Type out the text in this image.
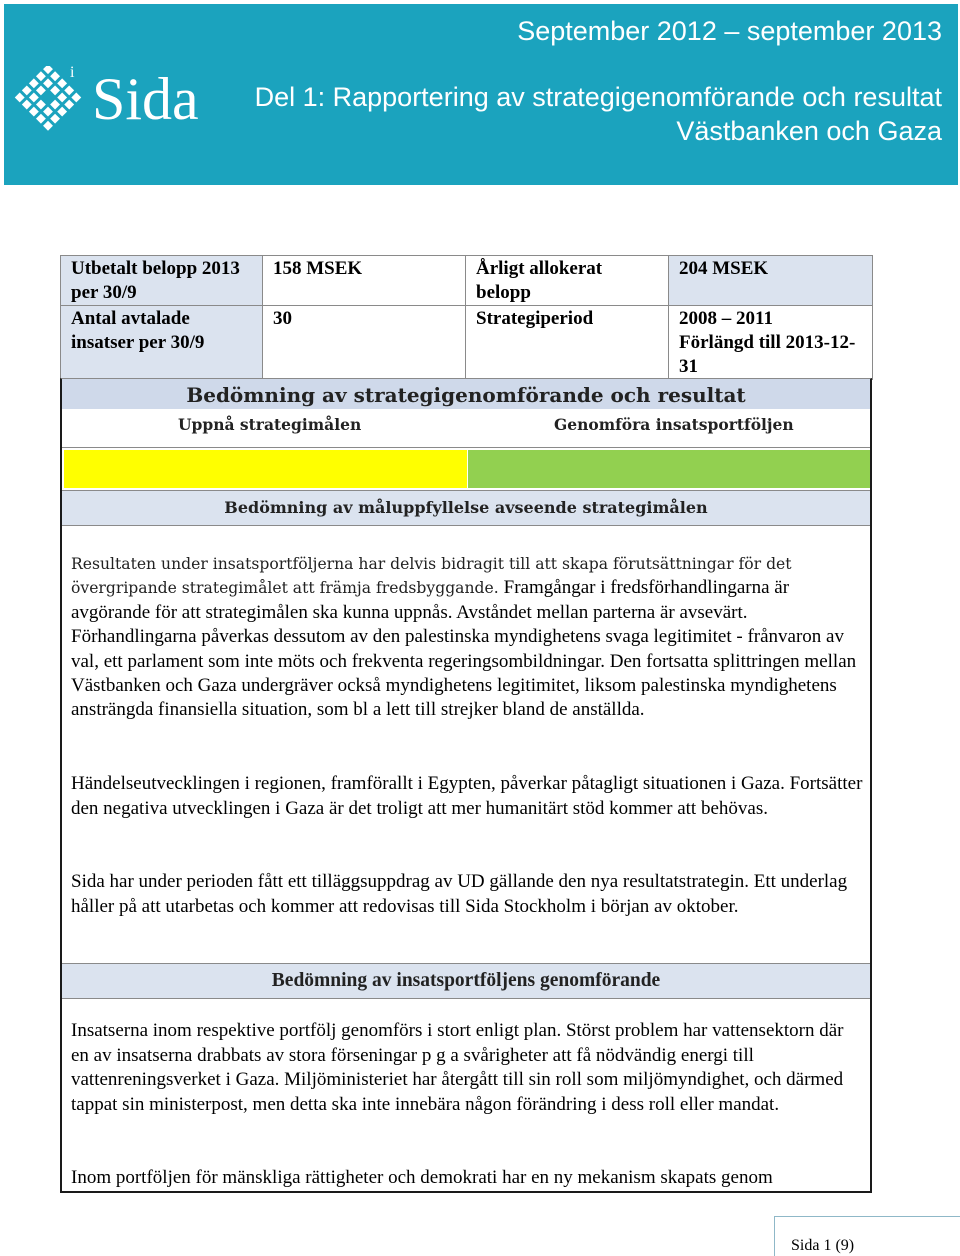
September 2012 – september 2013
i Sida Del 1: Rapportering av strategigenomförande och resultat
Västbanken och Gaza
Utbetalt belopp 2013 per 30/9	158 MSEK	Årligt allokerat belopp	204 MSEK
Antal avtalade insatser per 30/9	30	Strategiperiod	2008 – 2011
Förlängd till 2013-12-31
Bedömning av strategigenomförande och resultat
Uppnå strategimålen	Genomföra insatsportföljen
Bedömning av måluppfyllelse avseende strategimålen

Resultaten under insatsportföljerna har delvis bidragit till att skapa förutsättningar för det övergripande strategimålet att främja fredsbyggande. Framgångar i fredsförhandlingarna är avgörande för att strategimålen ska kunna uppnås. Avståndet mellan parterna är avsevärt. Förhandlingarna påverkas dessutom av den palestinska myndighetens svaga legitimitet - frånvaron av val, ett parlament som inte möts och frekventa regeringsombildningar. Den fortsatta splittringen mellan Västbanken och Gaza undergräver också myndighetens legitimitet, liksom palestinska myndighetens ansträngda finansiella situation, som bl a lett till strejker bland de anställda.

Händelseutvecklingen i regionen, framförallt i Egypten, påverkar påtagligt situationen i Gaza. Fortsätter den negativa utvecklingen i Gaza är det troligt att mer humanitärt stöd kommer att behövas.

Sida har under perioden fått ett tilläggsuppdrag av UD gällande den nya resultatstrategin. Ett underlag håller på att utarbetas och kommer att redovisas till Sida Stockholm i början av oktober.

Bedömning av insatsportföljens genomförande

Insatserna inom respektive portfölj genomförs i stort enligt plan. Störst problem har vattensektorn där en av insatserna drabbats av stora förseningar p g a svårigheter att få nödvändig energi till vattenreningsverket i Gaza. Miljöministeriet har återgått till sin roll som miljömyndighet, och därmed tappat sin ministerpost, men detta ska inte innebära någon förändring i dess roll eller mandat.

Inom portföljen för mänskliga rättigheter och demokrati har en ny mekanism skapats genom

Sida 1 (9)
